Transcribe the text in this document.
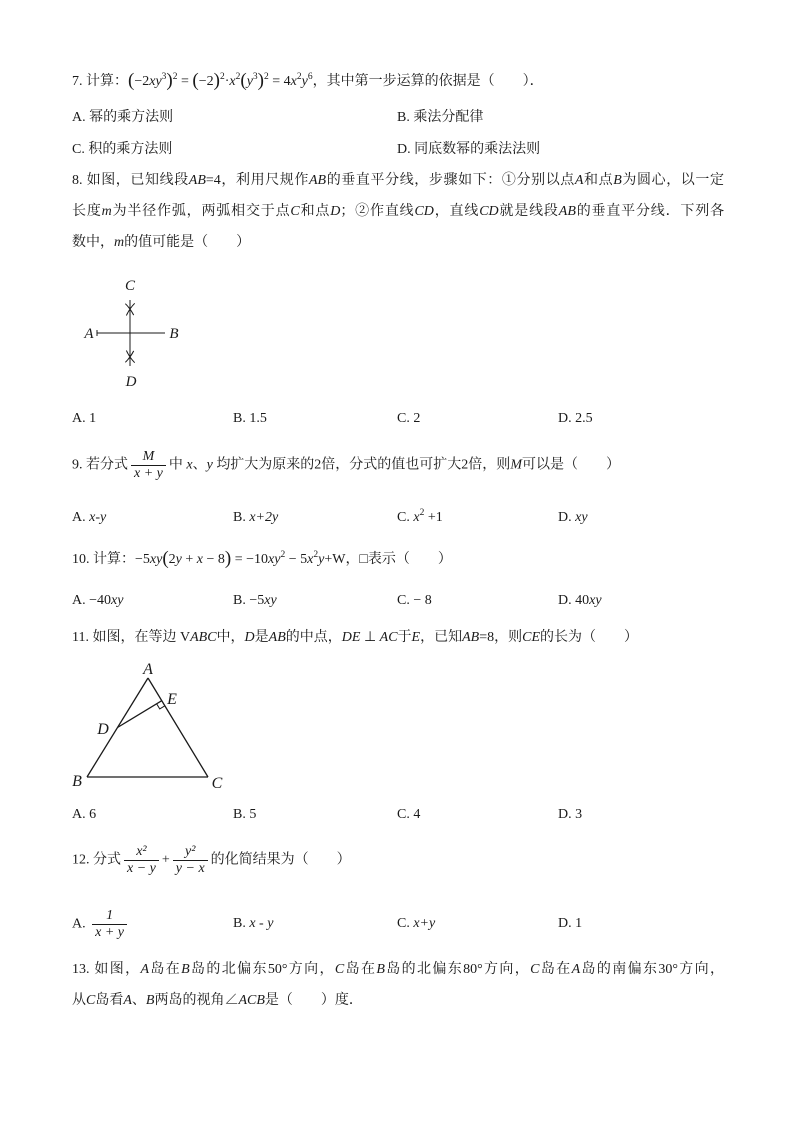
7. 计算：$(-2xy^3)^2 = (-2)^2\cdot x^2(y^3)^2 = 4x^2y^6$，其中第一步运算的依据是（　　）．
A. 幂的乘方法则	B. 乘法分配律
C. 积的乘方法则	D. 同底数幂的乘法法则
8. 如图，已知线段AB=4，利用尺规作AB的垂直平分线，步骤如下：①分别以点A和点B为圆心，以一定
长度m为半径作弧，两弧相交于点C和点D；②作直线CD，直线CD就是线段AB的垂直平分线．下列各
数中，m的值可能是（　　）
C
A	B
D
A. 1	B. 1.5	C. 2	D. 2.5
9. 若分式 $\frac{M}{x + y}$ 中 x、y 均扩大为原来的2倍，分式的值也可扩大2倍，则M可以是（　　）
A. x-y	B. x+2y	C. $x^2 +1$	D. xy
10. 计算：$-5xy(2y + x - 8) = -10xy^2 - 5x^2y+W$，□表示（　　）
A. −40xy	B. −5xy	C. − 8	D. 40xy
11. 如图，在等边 VABC中，D是AB的中点，DE ⊥ AC于E，已知AB=8，则CE的长为（　　）
A
E
D
B	C
A. 6	B. 5	C. 4	D. 3
12. 分式 $\frac{\text{x²}}{x - y} + \frac{\text{y²}}{y - x}$ 的化简结果为（　　）
A. $\frac{1}{x + y}$	B. x - y	C. x+y	D. 1
13. 如图，A岛在B岛的北偏东50°方向，C岛在B岛的北偏东80°方向，C岛在A岛的南偏东30°方向，
从C岛看A、B两岛的视角∠ACB是（　　）度．
